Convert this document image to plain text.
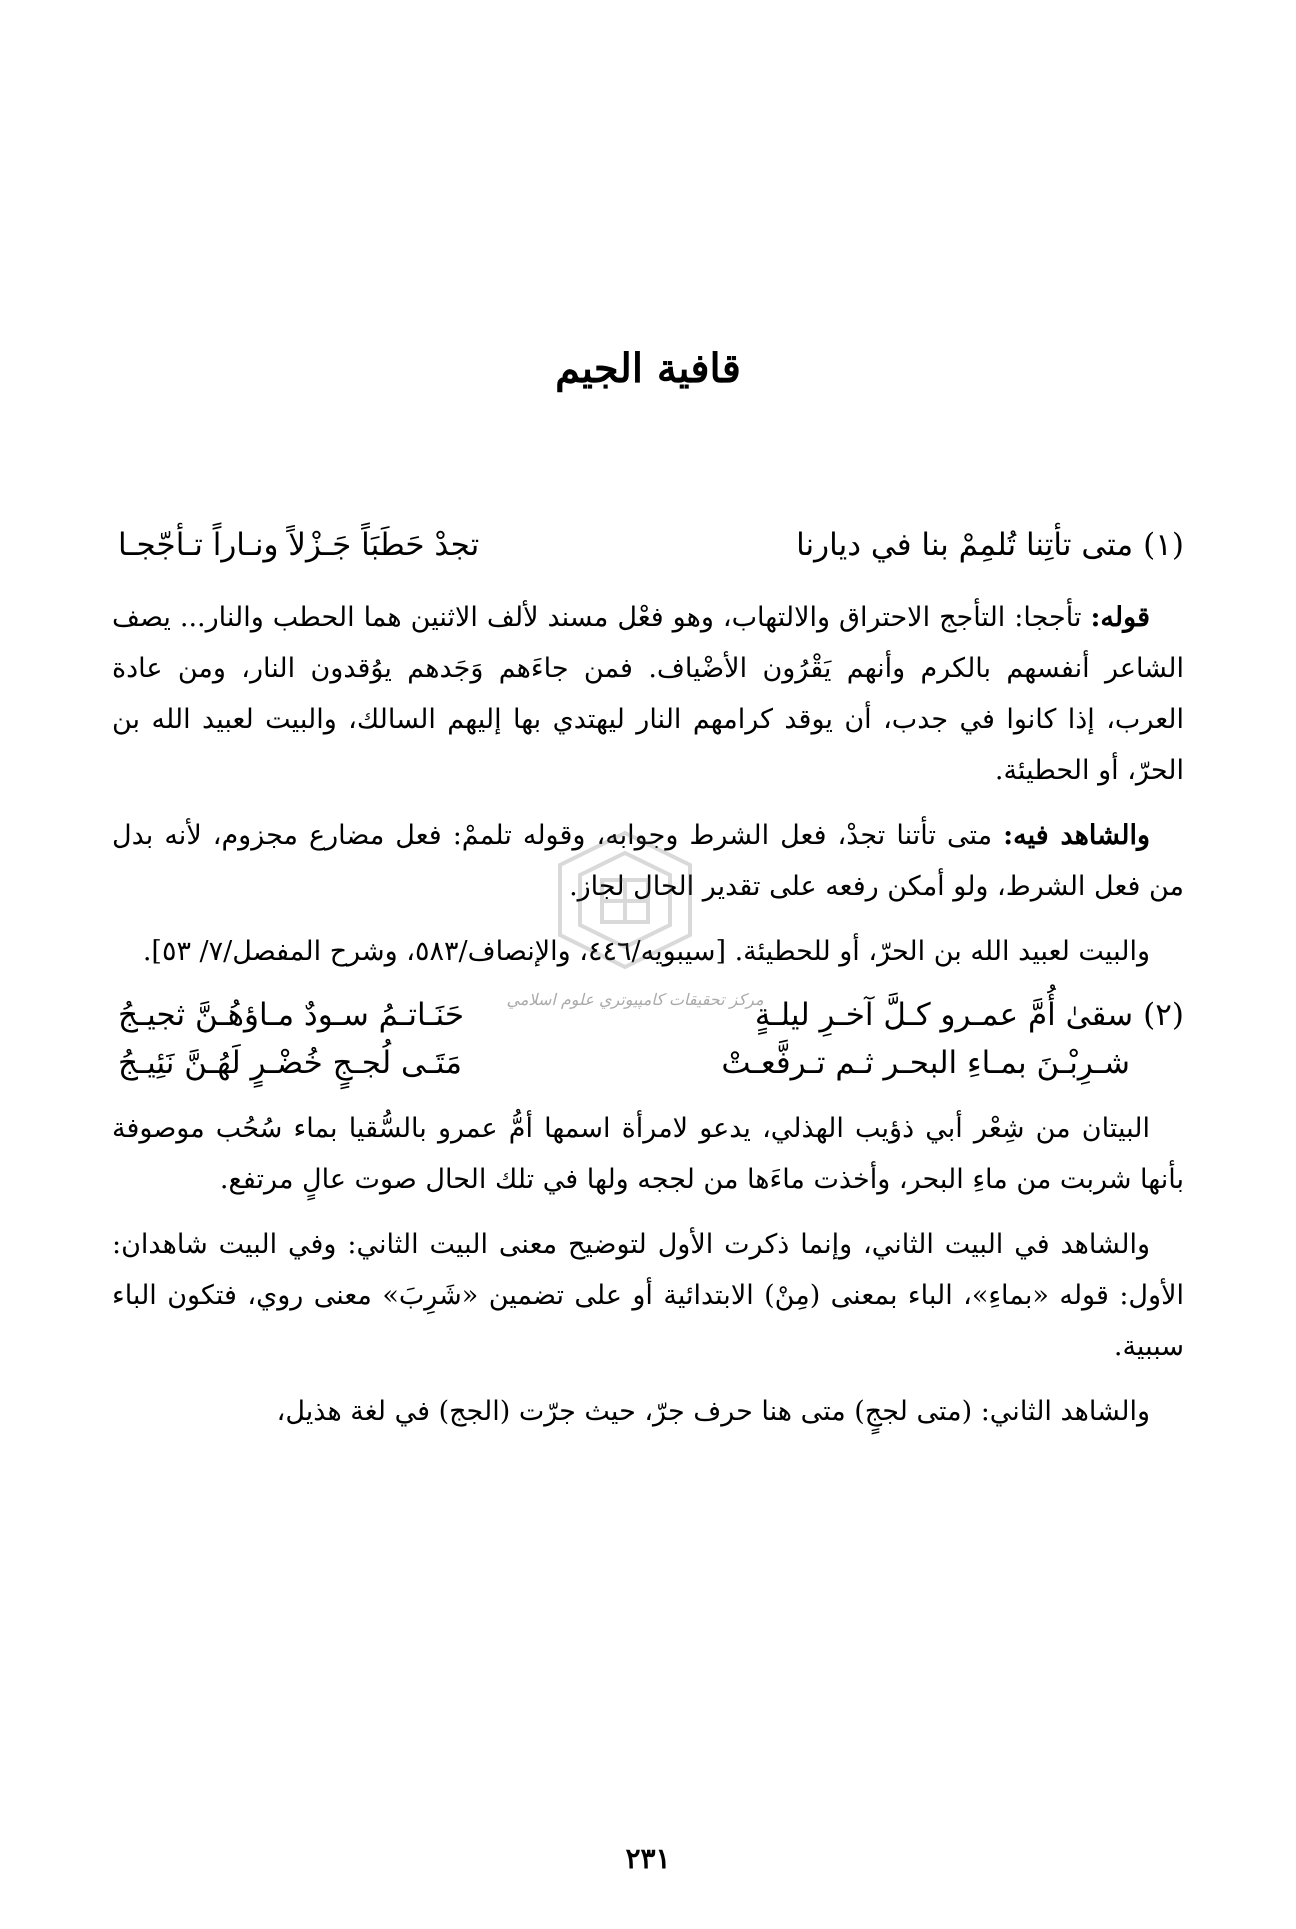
قافية الجيم
(١)
متى تأتِنا تُلمِمْ بنا في ديارنا
تجدْ حَطَبَاً جَـزْلاً ونـاراً تـأجّجـا

قوله: تأججا: التأجج الاحتراق والالتهاب، وهو فعْل مسند لألف الاثنين هما الحطب والنار... يصف الشاعر أنفسهم بالكرم وأنهم يَقْرُون الأضْياف. فمن جاءَهم وَجَدهم يوُقدون النار، ومن عادة العرب، إذا كانوا في جدب، أن يوقد كرامهم النار ليهتدي بها إليهم السالك، والبيت لعبيد الله بن الحرّ، أو الحطيئة.

والشاهد فيه: متى تأتنا تجدْ، فعل الشرط وجوابه، وقوله تلممْ: فعل مضارع مجزوم، لأنه بدل من فعل الشرط، ولو أمكن رفعه على تقدير الحال لجاز.

والبيت لعبيد الله بن الحرّ، أو للحطيئة. [سيبويه/٤٤٦، والإنصاف/٥٨٣، وشرح المفصل/٧/ ٥٣].

(٢)
سقىٰ أُمَّ عمـرو كـلَّ آخـرِ ليلـةٍ
حَنَـاتـمُ سـودٌ مـاؤهُـنَّ ثجيـجُ
شـرِبْـنَ بمـاءِ البحـر ثـم تـرفَّعـتْ
مَتَـى لُجـجٍ خُضْـرٍ لَهُـنَّ نَئِيـجُ

البيتان من شِعْر أبي ذؤيب الهذلي، يدعو لامرأة اسمها أمُّ عمرو بالسُّقيا بماء سُحُب موصوفة بأنها شربت من ماءِ البحر، وأخذت ماءَها من لججه ولها في تلك الحال صوت عالٍ مرتفع.

والشاهد في البيت الثاني، وإنما ذكرت الأول لتوضيح معنى البيت الثاني: وفي البيت شاهدان: الأول: قوله «بماءِ»، الباء بمعنى (مِنْ) الابتدائية أو على تضمين «شَرِبَ» معنى روي، فتكون الباء سببية.

والشاهد الثاني: (متى لججٍ) متى هنا حرف جرّ، حيث جرّت (الجج) في لغة هذيل،

مركز تحقيقات كامپيوتري علوم اسلامي
٢٣١
